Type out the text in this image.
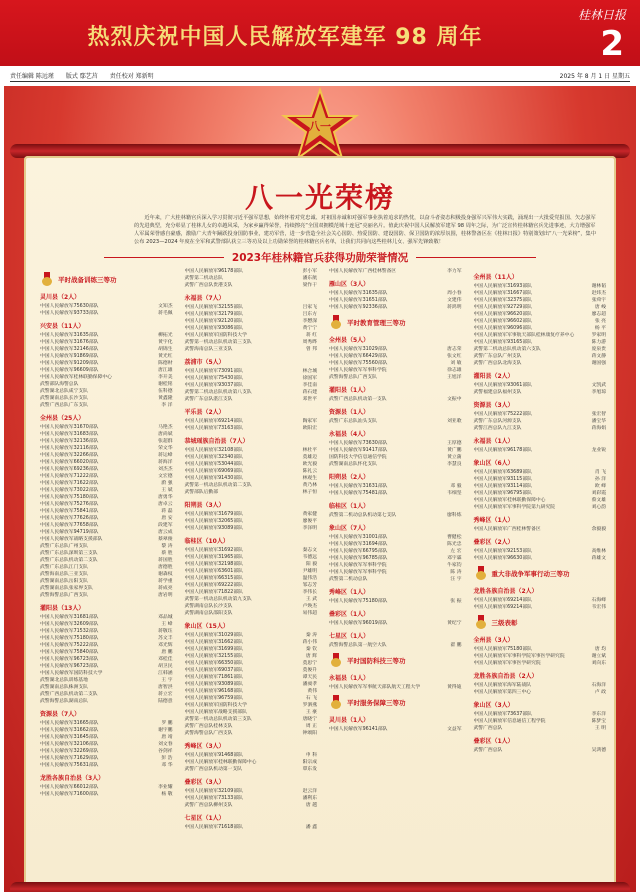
热烈庆祝中国人民解放军建军 98 周年
桂林日报
2
责任编辑 陈远瑾 版式 鄢艺莒 责任校对 郑新明	2025 年 8 月 1 日 星期五
八一
八一光荣榜
近年来，广大桂林籍官兵深入学习贯彻习近平强军思想，始终怀着对党忠诚、对祖国赤诚和对强军事业执着追求的热忱，以奋斗者姿态积极投身强军兴军伟大实践，涌现出一大批爱党报国、矢志强军的先进典型，充分彰显了桂林儿女的卓越风采，为家乡赢得荣誉，持续擦亮“全国双拥模范城十连冠”亮丽名片。值此庆祝中国人民解放军建军 98 周年之际，为广泛宣传桂林籍官兵先进事迹，大力增强军人军属荣誉感自豪感，激励广大青年踊跃投身国防事业，建功军营，进一步营造全社会关心国防、热爱国防、建设国防、保卫国防的浓厚氛围，桂林警备区在《桂林日报》特别策划出“八一光荣榜”，集中公布 2023—2024 年度在全军和武警部队获立三等功及以上功勋荣誉的桂林籍官兵名单，让我们共同向这些桂林儿女、强军先锋致敬！
2023年桂林籍官兵获得功勋荣誉情况
平时战备训练三等功
灵川县（2人）
中国人民解放军75630部队	文知杰
中国人民解放军93733部队	蒋毛佩
兴安县（11人）
中国人民解放军31635部队	柳拓光
中国人民解放军31676部队	黄宇化
中国人民解放军32146部队	胡锦生
中国人民解放军91869部队	黄光红
中国人民解放军91209部队	陈德财
中国人民解放军96609部队	唐江雄
中国人民解放军桂林联勤保障中心	李开美
武警部队海警总队	谢桂铭
武警湖北总队咸宁支队	伍科德
武警湖南总队长沙支队	黄鑫隆
武警广西总队广东支队	李 洋
全州县（25人）
中国人民解放军31670部队	马艳杰
中国人民解放军31683部队	唐尚斌
中国人民解放军32136部队	张超群
中国人民解放军32116部队	荣文华
中国人民解放军32266部队	蒋运峰
中国人民解放军66020部队	蒋海洋
中国人民解放军69236部队	刘杰杰
中国人民解放军71222部队	文宏德
中国人民解放军71622部队	蔚 强
中国人民解放军73022部队	王 斌
中国人民解放军75180部队	唐勇华
中国人民解放军75276部队	唐卓云
中国人民解放军75841部队	蒋 磊
中国人民解放军77626部队	唐 安
中国人民解放军77658部队	段建军
中国人民解放军94719部队	唐云成
中国人民解放军战略支援部队	蔡翠俊
武警广东总队广州支队	黎 涛
武警广东总队深圳第三支队	蔡 胜
武警广东总队机动第二支队	蒋国胜
武警广东总队江门支队	唐德胜
武警海南总队三亚支队	谢森权
武警湖南总队岳阳支队	蒋学重
武警湖南总队张家界支队	蒋成亮
武警海警总队广西支队	唐岩明
灌阳县（13人）
中国人民解放军31681部队	邓品城
中国人民解放军32609部队	王 峰
中国人民解放军71532部队	蒋敬珏
中国人民解放军75180部队	苏文丰
中国人民解放军75222部队	邓光辉
中国人民解放军75840部队	唐 鹏
中国人民解放军96723部队	邓桂佳
中国人民解放军96723部队	胡卫民
中国人民解放军国防科技大学	江韩涵
武警湖北总队训练基地	王 宇
武警湖南总队株洲支队	唐智洪
武警广西总队机动第二支队	蒋立宏
武警海警总队湖南总队	陆德意
资源县（7人）
中国人民解放军31665部队	罗 鹏
中国人民解放军31662部队	谢宇鹏
中国人民解放军31645部队	唐 靖
中国人民解放军32106部队	刘文春
中国人民解放军32269部队	谷剑祥
中国人民解放军71629部队	彭 浩
中国人民解放军75631部队	邓 华
龙胜各族自治县（3人）
中国人民解放军66012部队	李业耀
中国人民解放军71600部队	杨 敬
中国人民解放军96178部队	彭小军
武警第二机动总队	潘东航
武警广西总队贵港支队	梁作干
永福县（7人）
中国人民解放军32155部队	吕家飞
中国人民解放军32179部队	吕东方
中国人民解放军92120部队	李懋深
中国人民解放军93086部队	黄宁宁
中国人民解放军国防科技大学	蒋 红
武警第一机动总队机动第三支队	周秀晔
武警海南总队三亚支队	曾 邦
荔浦市（5人）
中国人民解放军73091部队	林合城
中国人民解放军75430部队	徐国军
中国人民解放军93037部队	李佳南
武警第二机动总队机动第八支队	蒋石建
武警广东总队湛江支队	邓世平
平乐县（2人）
中国人民解放军69214部队	陶家军
中国人民解放军73163部队	欧阳宏
恭城瑶族自治县（7人）
中国人民解放军32108部队	林杜平
中国人民解放军32340部队	莫雄迈
中国人民解放军53044部队	欧光毅
中国人民解放军69069部队	陈礼云
中国人民解放军91430部队	林观生
武警第一机动总队机动第二支队	黄乃林
武警部队后勤部	林子恒
阳朔县（3人）
中国人民解放军31679部队	黄家健
中国人民解放军32065部队	廖俊平
中国人民解放军93089部队	李泽明
临桂区（10人）
中国人民解放军31692部队	秦志文
中国人民解放军31965部队	韦德远
中国人民解放军32198部队	阳 毅
中国人民解放军63601部队	尹雄明
中国人民解放军66315部队	温伟浩
中国人民解放军69222部队	邹志芳
中国人民解放军71822部队	李伟长
武警第一机动总队机动第九支队	王 武
武警湖南总队长沙支队	卢焕杰
武警湖南总队邵阳支队	易伟超
象山区（15人）
中国人民解放军31029部队	秦 涛
中国人民解放军31662部队	蒋小伟
中国人民解放军31699部队	秦 钦
中国人民解放军32155部队	唐 辉
中国人民解放军66350部队	莫思宁
中国人民解放军69037部队	莫俊升
中国人民解放军71861部队	谭天民
中国人民解放军93089部队	潘昶孝
中国人民解放军96168部队	黄伟
中国人民解放军96759部队	石 飞
中国人民解放军国防科技大学	罗泗燕
中国人民解放军战略支援部队	王 豪
武警第一机动总队机动第三支队	唐晓宁
武警广西总队桂林支队	周 正
武警海警总队广西支队	钟颂阳
秀峰区（3人）
中国人民解放军91468部队	申 科
中国人民解放军桂林联勤保障中心	阳宗成
武警广西总队机动第一支队	覃东发
叠彩区（3人）
中国人民解放军32109部队	赵云洋
中国人民解放军73133部队	潘利东
武警广西总队柳州支队	唐 越
七星区（1人）
中国人民解放军71618部队	潘 鑫
中国人民解放军广西桂林警备区	李力军
雁山区（3人）
中国人民解放军31635部队	周小春
中国人民解放军31651部队	文建伟
中国人民解放军92336部队	蒋鸿明
平时教育管理三等功
全州县（5人）
中国人民解放军31029部队	唐志荣
中国人民解放军66429部队	张文红
中国人民解放军75560部队	刘 敏
中国人民解放军军事科学院	徐志雄
武警海警总队广西支队	王旭洋
灌阳县（1人）
武警广西总队机动第一支队	文振中
资源县（1人）
武警广东总队汕头支队	刘亚歌
永福县（4人）
中国人民解放军73630部队	王厚德
中国人民解放军91417部队	黄广鹏
国防科技大学信息通信学院	黄立蒲
武警湖南总队怀化支队	李慧良
阳朔县（2人）
中国人民解放军31631部队	邓 毅
中国人民解放军75481部队	韦细坚
临桂区（1人）
武警第二机动总队机动第七支队	廖科炼
象山区（7人）
中国人民解放军31001部队	曹健松
中国人民解放军31694部队	陈光忠
中国人民解放军66795部队	左 宏
中国人民解放军96785部队	邓宇霖
中国人民解放军军事科学院	牛家钧
中国人民解放军军事科学院	陈 涛
武警第二机动总队	汪 宇
秀峰区（1人）
中国人民解放军75180部队	张 振
叠彩区（1人）
中国人民解放军96019部队	黄纪宁
七星区（1人）
武警海警总队第一航空大队	翟 鹏
平时国防科技三等功
永福县（1人）
中国人民解放军军事航天部队航天工程大学	黄得迪
平时服务保障三等功
灵川县（1人）
中国人民解放军96141部队	文益军
全州县（11人）
中国人民解放军31693部队	谢林韬
中国人民解放军31667部队	赵炜杰
中国人民解放军32375部队	张舜宇
中国人民解放军92729部队	唐 峻
中国人民解放军96620部队	廖志超
中国人民解放军96602部队	张 亮
中国人民解放军96096部队	杨 平
中国人民解放军军事航天部队桂林康复疗养中心	罗家明
中国人民解放军93165部队	陈力游
武警第二机动总队机动第六支队	庞泉贵
武警广东总队广州支队	蒋文静
武警广西总队北海支队	谢国强
灌阳县（2人）
中国人民解放军93061部队	文凯武
武警福建总队福州支队	李旭琼
资源县（3人）
中国人民解放军75222部队	张宏智
武警广东总队河源支队	潘宝华
武警江西总队九江支队	蒋海娟
永福县（1人）
中国人民解放军96178部队	龙业锐
象山区（6人）
中国人民解放军63689部队	肖 飞
中国人民解放军93115部队	孙 洋
中国人民解放军93114部队	欧 峰
中国人民解放军96795部队	刘彩霞
中国人民解放军桂林联勤保障中心	蔡文雄
中国人民解放军军事科学院第九研究院	刘心韵
秀峰区（1人）
中国人民解放军广西桂林警备区	余毅毅
叠彩区（2人）
中国人民解放军92153部队	高维林
中国人民解放军96630部队	蒋雄文
重大非战争军事行动三等功
龙胜各族自治县（2人）
中国人民解放军69214部队	石海峰
中国人民解放军69214部队	韦宏伟
三级表彰
全州县（3人）
中国人民解放军75180部队	唐 均
中国人民解放军军事科学院军事医学研究院	谢立斌
中国人民解放军军事医学研究院	刘向东
龙胜各族自治县（2人）
中国人民解放军海军陆战队	石海洋
中国人民解放军第四三中心	卢 政
象山区（3人）
中国人民解放军73637部队	李东洋
中国人民解放军信息通信工程学院	陈梦宝
武警广西总队	王 明
叠彩区（1人）
武警广西总队	吴鸿德
